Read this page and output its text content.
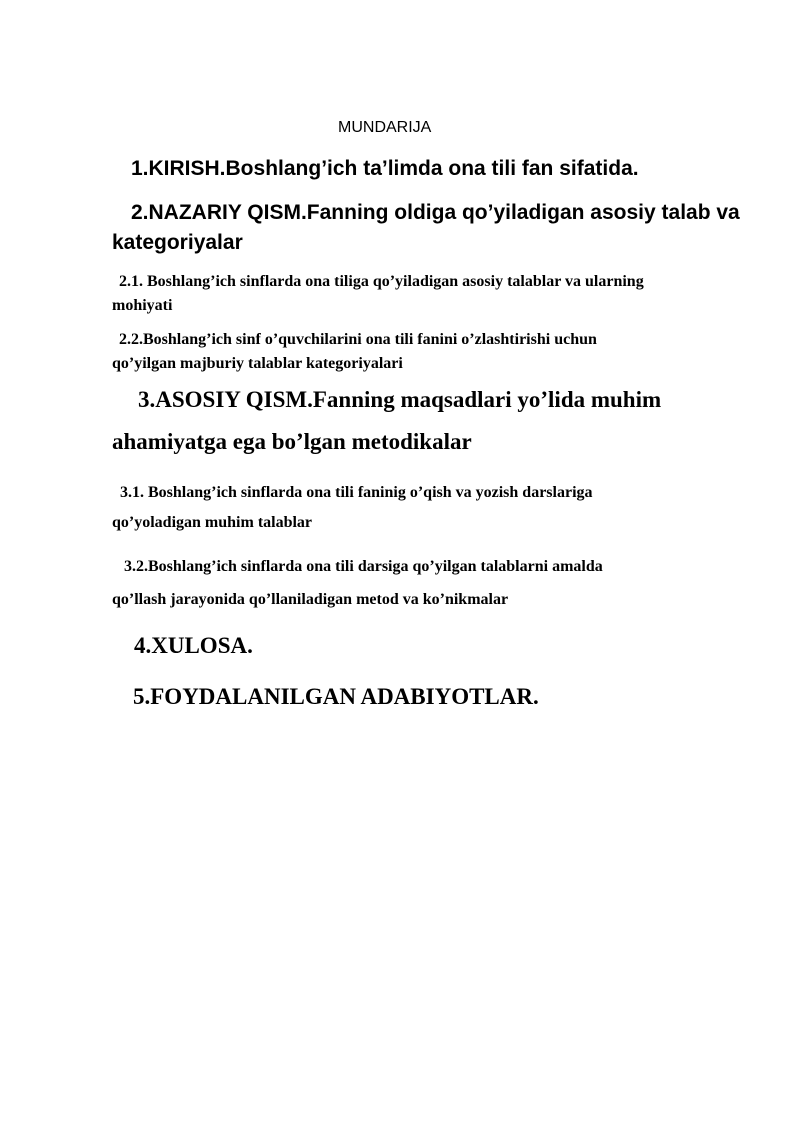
MUNDARIJA

1.KIRISH.Boshlang’ich ta’limda ona tili fan sifatida.

2.NAZARIY QISM.Fanning oldiga qo’yiladigan asosiy talab va

kategoriyalar

2.1. Boshlang’ich sinflarda ona tiliga qo’yiladigan asosiy talablar va ularning

mohiyati

2.2.Boshlang’ich sinf o’quvchilarini ona tili fanini o’zlashtirishi uchun

qo’yilgan majburiy talablar kategoriyalari

3.ASOSIY QISM.Fanning maqsadlari yo’lida muhim

ahamiyatga ega bo’lgan metodikalar

3.1. Boshlang’ich sinflarda ona tili faninig o’qish va yozish darslariga

qo’yoladigan muhim talablar

3.2.Boshlang’ich sinflarda ona tili darsiga qo’yilgan talablarni amalda

qo’llash jarayonida qo’llaniladigan metod va ko’nikmalar

4.XULOSA.

5.FOYDALANILGAN ADABIYOTLAR.
